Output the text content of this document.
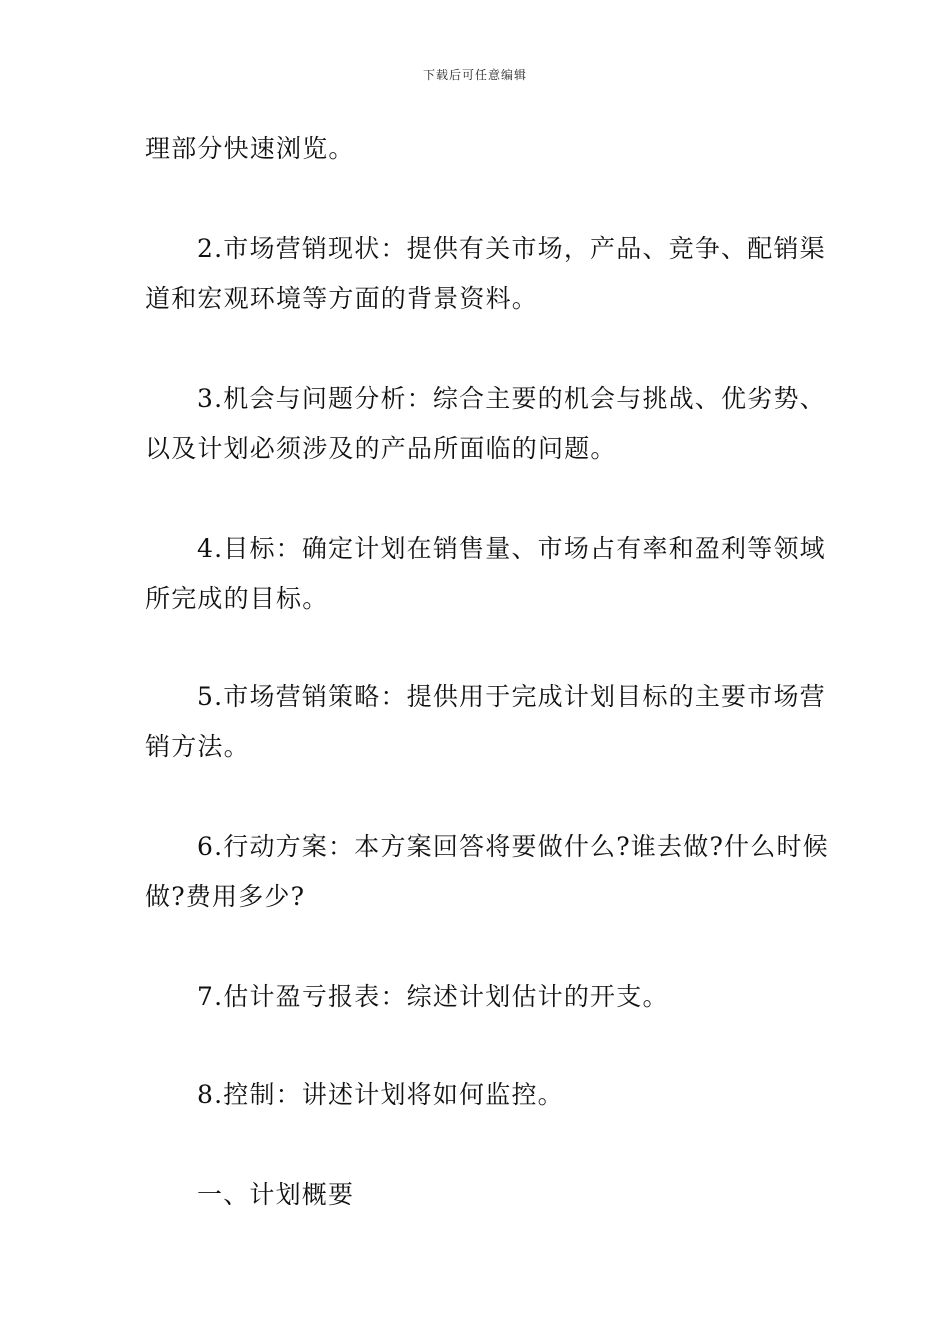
下载后可任意编辑

理部分快速浏览。

2.市场营销现状：提供有关市场，产品、竞争、配销渠道和宏观环境等方面的背景资料。

3.机会与问题分析：综合主要的机会与挑战、优劣势、以及计划必须涉及的产品所面临的问题。

4.目标：确定计划在销售量、市场占有率和盈利等领域所完成的目标。

5.市场营销策略：提供用于完成计划目标的主要市场营销方法。

6.行动方案：本方案回答将要做什么?谁去做?什么时候做?费用多少?

7.估计盈亏报表：综述计划估计的开支。

8.控制：讲述计划将如何监控。

一、计划概要
